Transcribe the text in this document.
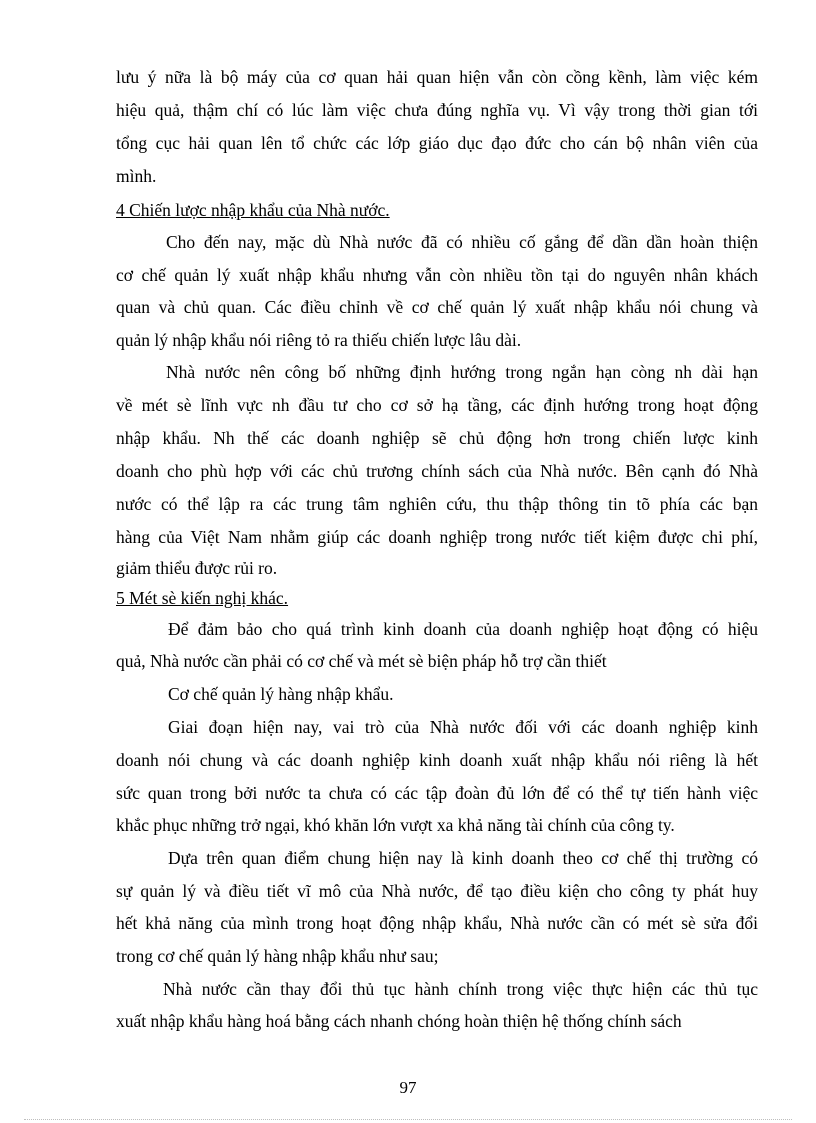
lưu ý nữa là bộ máy của cơ quan hải quan hiện vẫn còn cồng kềnh, làm việc kém
hiệu quả, thậm chí có lúc làm việc chưa đúng nghĩa vụ. Vì vậy trong thời gian tới
tổng cục hải quan lên tổ chức các lớp giáo dục đạo đức cho cán bộ nhân viên của
mình.
4 Chiến lược nhập khẩu của Nhà nước.
Cho đến nay, mặc dù Nhà nước đã có nhiều cố gắng để dần dần hoàn thiện
cơ chế quản lý xuất nhập khẩu nhưng vẫn còn nhiều tồn tại do nguyên nhân khách
quan và chủ quan. Các điều chỉnh về cơ chế quản lý xuất nhập khẩu nói chung và
quản lý nhập khẩu nói riêng tỏ ra thiếu chiến lược lâu dài.
Nhà nước nên công bố những định hướng trong ngắn hạn còng nh dài hạn
về mét sè lĩnh vực nh đầu tư cho cơ sở hạ tầng, các định hướng trong hoạt động
nhập khẩu. Nh thế các doanh nghiệp sẽ chủ động hơn trong chiến lược kinh
doanh cho phù hợp với các chủ trương chính sách của Nhà nước. Bên cạnh đó Nhà
nước có thể lập ra các trung tâm nghiên cứu, thu thập thông tin tõ phía các bạn
hàng của Việt Nam nhằm giúp các doanh nghiệp trong nước tiết kiệm được chi phí,
giảm thiểu được rủi ro.
5 Mét sè kiến nghị khác.
Để đảm bảo cho quá trình kinh doanh của doanh nghiệp hoạt động có hiệu
quả, Nhà nước cần phải có cơ chế và mét sè biện pháp hỗ trợ cần thiết
Cơ chế quản lý hàng nhập khẩu.
Giai đoạn hiện nay, vai trò của Nhà nước đối với các doanh nghiệp kinh
doanh nói chung và các doanh nghiệp kinh doanh xuất nhập khẩu nói riêng là hết
sức quan trong bởi nước ta chưa có các tập đoàn đủ lớn để có thể tự tiến hành việc
khắc phục những trở ngại, khó khăn lớn vượt xa khả năng tài chính của công ty.
Dựa trên quan điểm chung hiện nay là kinh doanh theo cơ chế thị trường có
sự quản lý và điều tiết vĩ mô của Nhà nước, để tạo điều kiện cho công ty phát huy
hết khả năng của mình trong hoạt động nhập khẩu, Nhà nước cần có mét sè sửa đổi
trong cơ chế quản lý hàng nhập khẩu như sau;
Nhà nước cần thay đổi thủ tục hành chính trong việc thực hiện các thủ tục
xuất nhập khẩu hàng hoá bằng cách nhanh chóng hoàn thiện hệ thống chính sách
97
